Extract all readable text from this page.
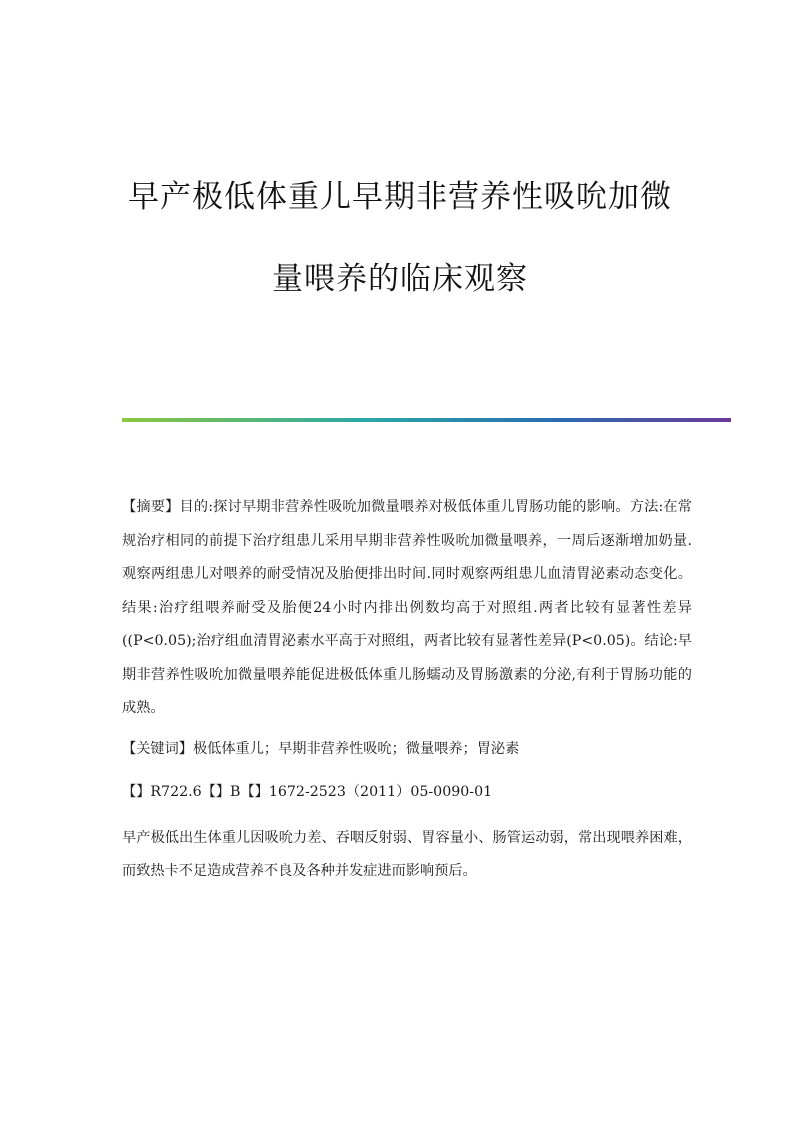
早产极低体重儿早期非营养性吸吮加微
量喂养的临床观察

【摘要】目的:探讨早期非营养性吸吮加微量喂养对极低体重儿胃肠功能的影响。方法:在常规治疗相同的前提下治疗组患儿采用早期非营养性吸吮加微量喂养，一周后逐渐增加奶量.观察两组患儿对喂养的耐受情况及胎便排出时间.同时观察两组患儿血清胃泌素动态变化。结果:治疗组喂养耐受及胎便24小时内排出例数均高于对照组.两者比较有显著性差异((P<0.05);治疗组血清胃泌素水平高于对照组，两者比较有显著性差异(P<0.05)。结论:早期非营养性吸吮加微量喂养能促进极低体重儿肠蠕动及胃肠激素的分泌,有利于胃肠功能的成熟。

【关键词】极低体重儿；早期非营养性吸吮；微量喂养；胃泌素

【】R722.6【】B【】1672-2523（2011）05-0090-01

早产极低出生体重儿因吸吮力差、吞咽反射弱、胃容量小、肠管运动弱，常出现喂养困难，而致热卡不足造成营养不良及各种并发症进而影响预后。
